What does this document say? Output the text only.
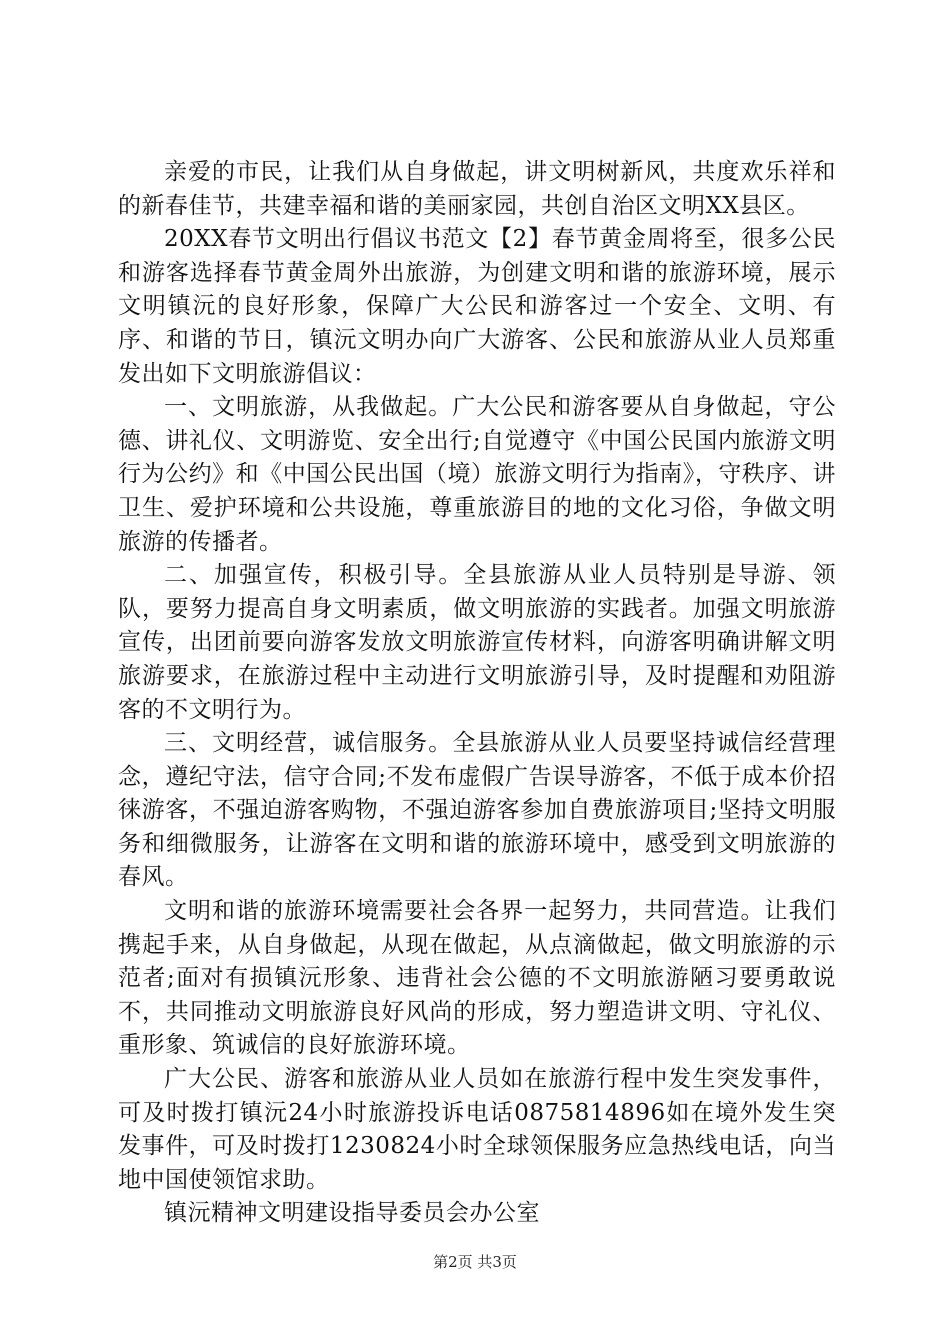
亲爱的市民，让我们从自身做起，讲文明树新风，共度欢乐祥和的新春佳节，共建幸福和谐的美丽家园，共创自治区文明XX县区。

20XX春节文明出行倡议书范文【2】春节黄金周将至，很多公民和游客选择春节黄金周外出旅游，为创建文明和谐的旅游环境，展示文明镇沅的良好形象，保障广大公民和游客过一个安全、文明、有序、和谐的节日，镇沅文明办向广大游客、公民和旅游从业人员郑重发出如下文明旅游倡议：

一、文明旅游，从我做起。广大公民和游客要从自身做起，守公德、讲礼仪、文明游览、安全出行;自觉遵守《中国公民国内旅游文明行为公约》和《中国公民出国（境）旅游文明行为指南》，守秩序、讲卫生、爱护环境和公共设施，尊重旅游目的地的文化习俗，争做文明旅游的传播者。

二、加强宣传，积极引导。全县旅游从业人员特别是导游、领队，要努力提高自身文明素质，做文明旅游的实践者。加强文明旅游宣传，出团前要向游客发放文明旅游宣传材料，向游客明确讲解文明旅游要求，在旅游过程中主动进行文明旅游引导，及时提醒和劝阻游客的不文明行为。

三、文明经营，诚信服务。全县旅游从业人员要坚持诚信经营理念，遵纪守法，信守合同;不发布虚假广告误导游客，不低于成本价招徕游客，不强迫游客购物，不强迫游客参加自费旅游项目;坚持文明服务和细微服务，让游客在文明和谐的旅游环境中，感受到文明旅游的春风。

文明和谐的旅游环境需要社会各界一起努力，共同营造。让我们携起手来，从自身做起，从现在做起，从点滴做起，做文明旅游的示范者;面对有损镇沅形象、违背社会公德的不文明旅游陋习要勇敢说不，共同推动文明旅游良好风尚的形成，努力塑造讲文明、守礼仪、重形象、筑诚信的良好旅游环境。

广大公民、游客和旅游从业人员如在旅游行程中发生突发事件，可及时拨打镇沅24小时旅游投诉电话0875814896如在境外发生突发事件，可及时拨打1230824小时全球领保服务应急热线电话，向当地中国使领馆求助。

镇沅精神文明建设指导委员会办公室

第2页 共3页
